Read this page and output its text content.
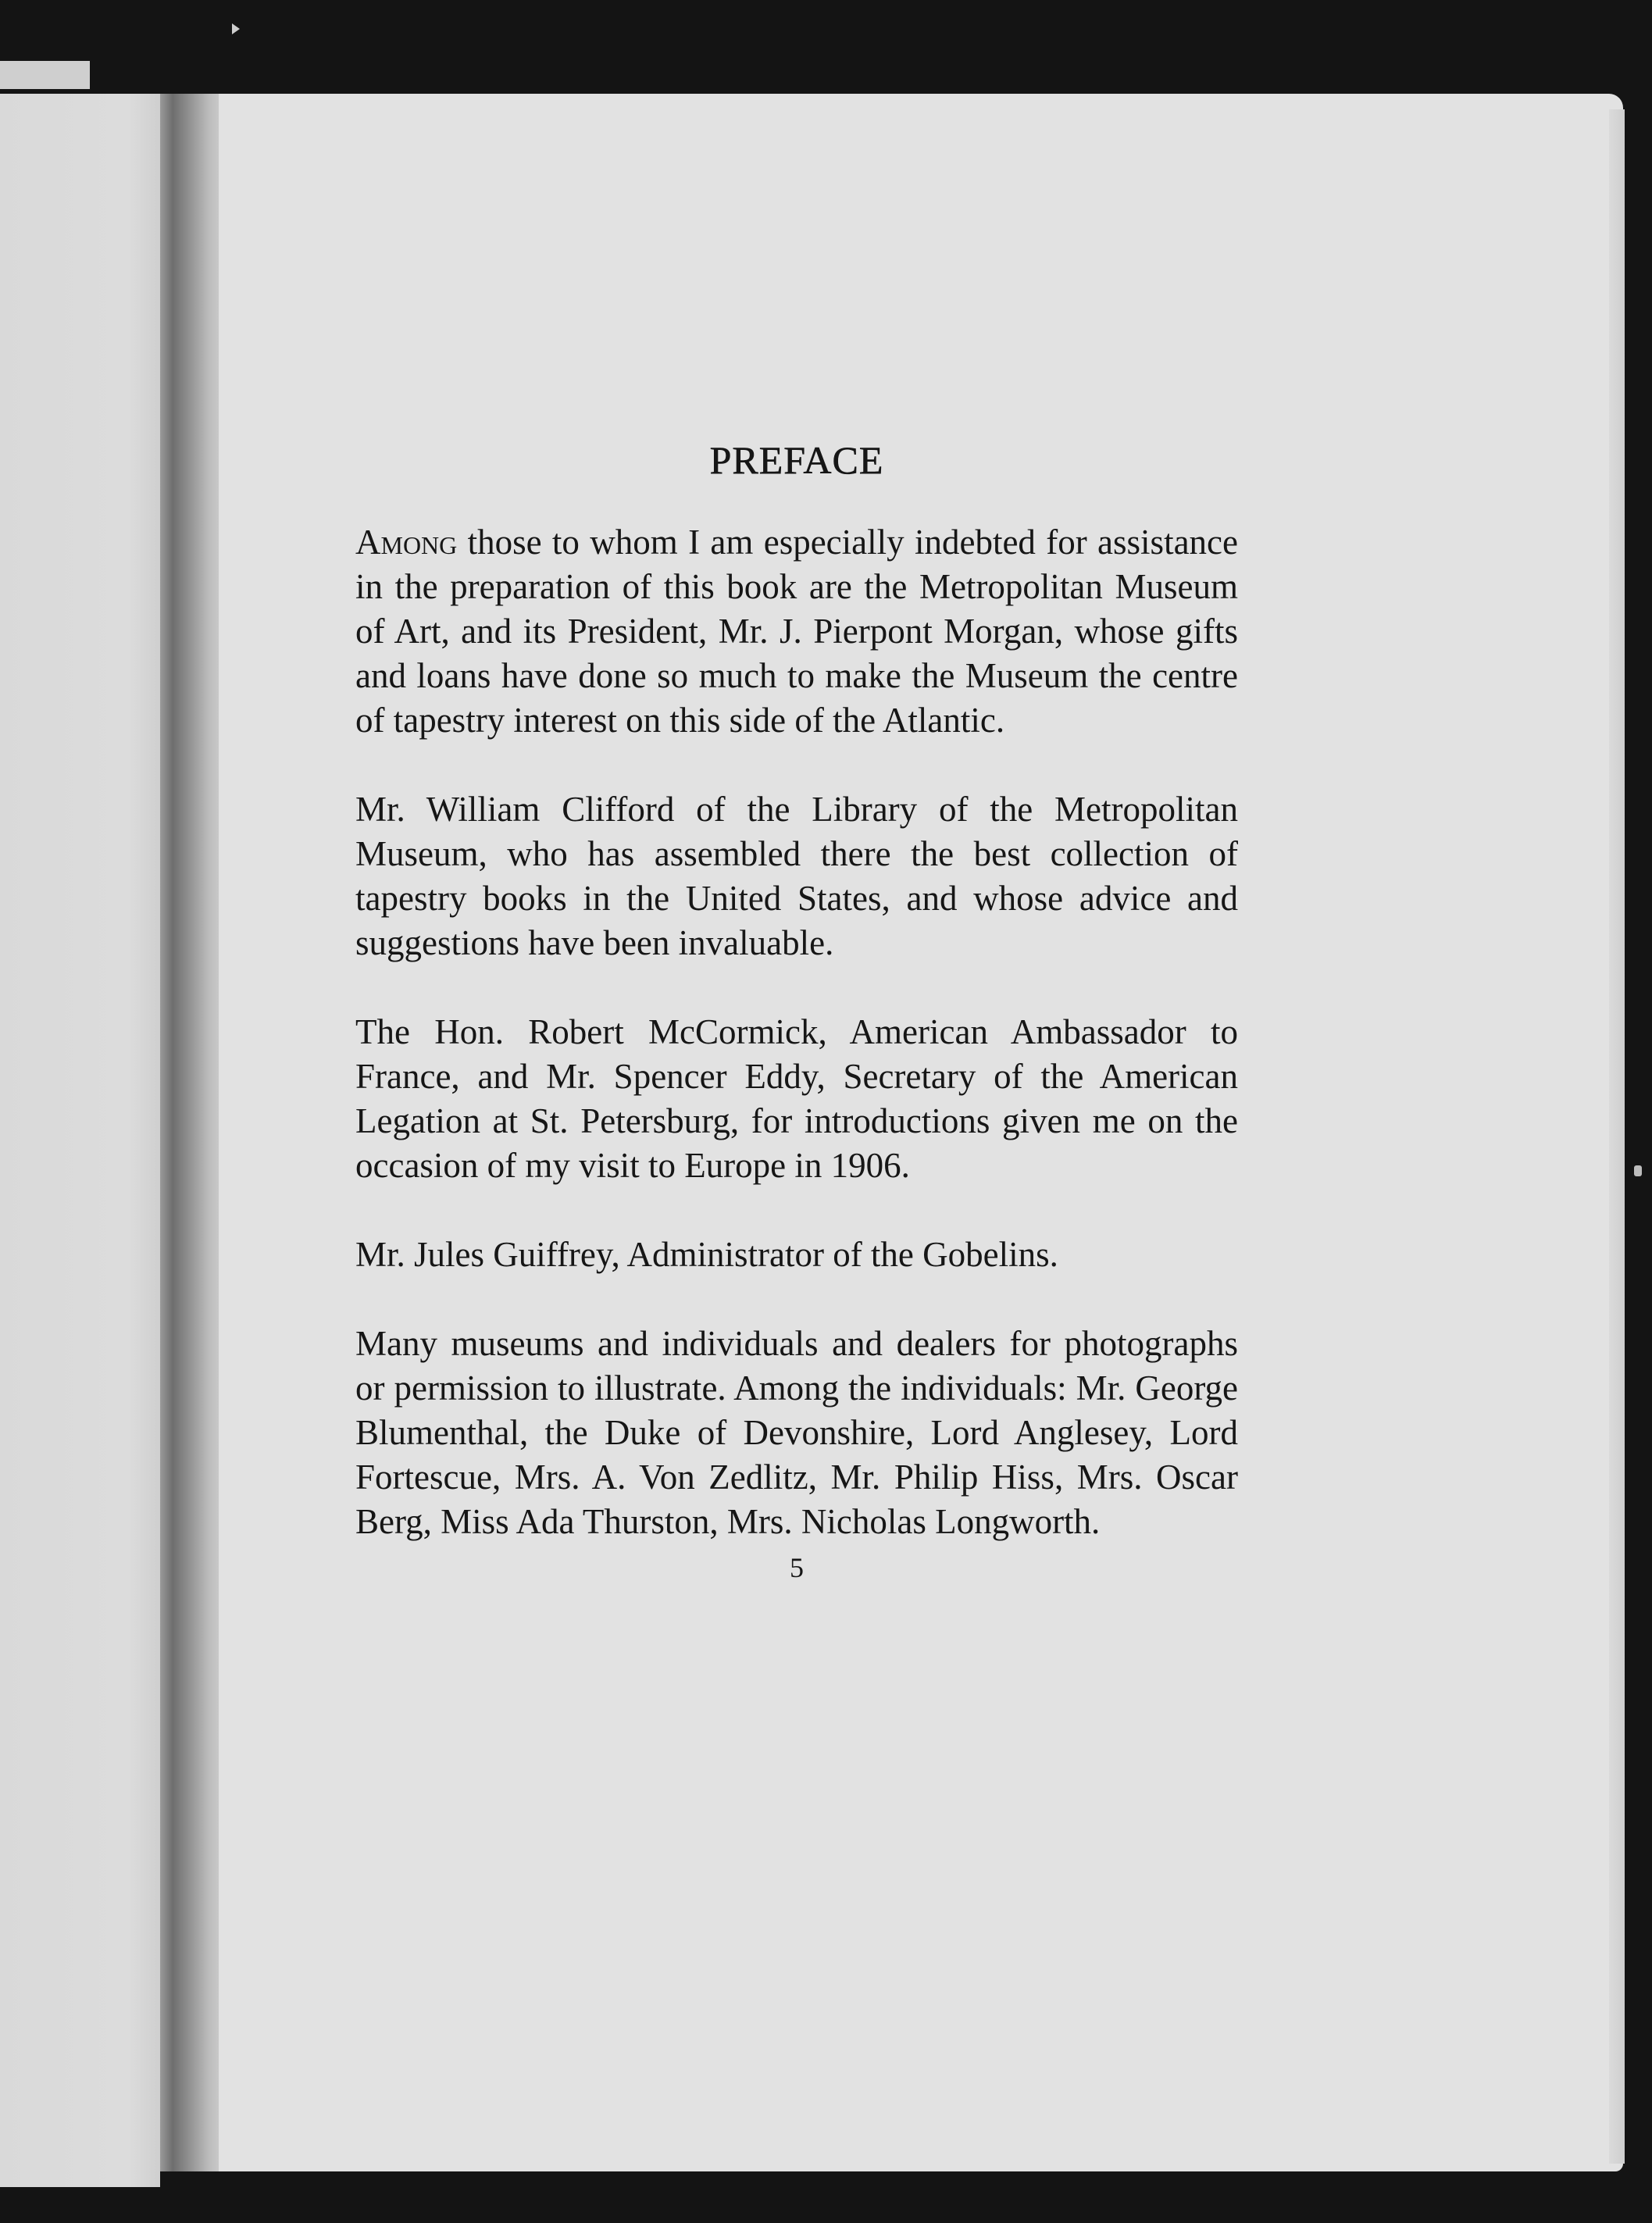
PREFACE

Among those to whom I am especially indebted for assistance in the preparation of this book are the Metropolitan Museum of Art, and its President, Mr. J. Pierpont Morgan, whose gifts and loans have done so much to make the Museum the centre of tapestry interest on this side of the Atlantic.

Mr. William Clifford of the Library of the Metropolitan Museum, who has assembled there the best collection of tapestry books in the United States, and whose advice and suggestions have been invaluable.

The Hon. Robert McCormick, American Ambassador to France, and Mr. Spencer Eddy, Secretary of the American Legation at St. Petersburg, for introductions given me on the occasion of my visit to Europe in 1906.

Mr. Jules Guiffrey, Administrator of the Gobelins.

Many museums and individuals and dealers for photographs or permission to illustrate. Among the individuals: Mr. George Blumenthal, the Duke of Devonshire, Lord Anglesey, Lord Fortescue, Mrs. A. Von Zedlitz, Mr. Philip Hiss, Mrs. Oscar Berg, Miss Ada Thurston, Mrs. Nicholas Longworth.

5
